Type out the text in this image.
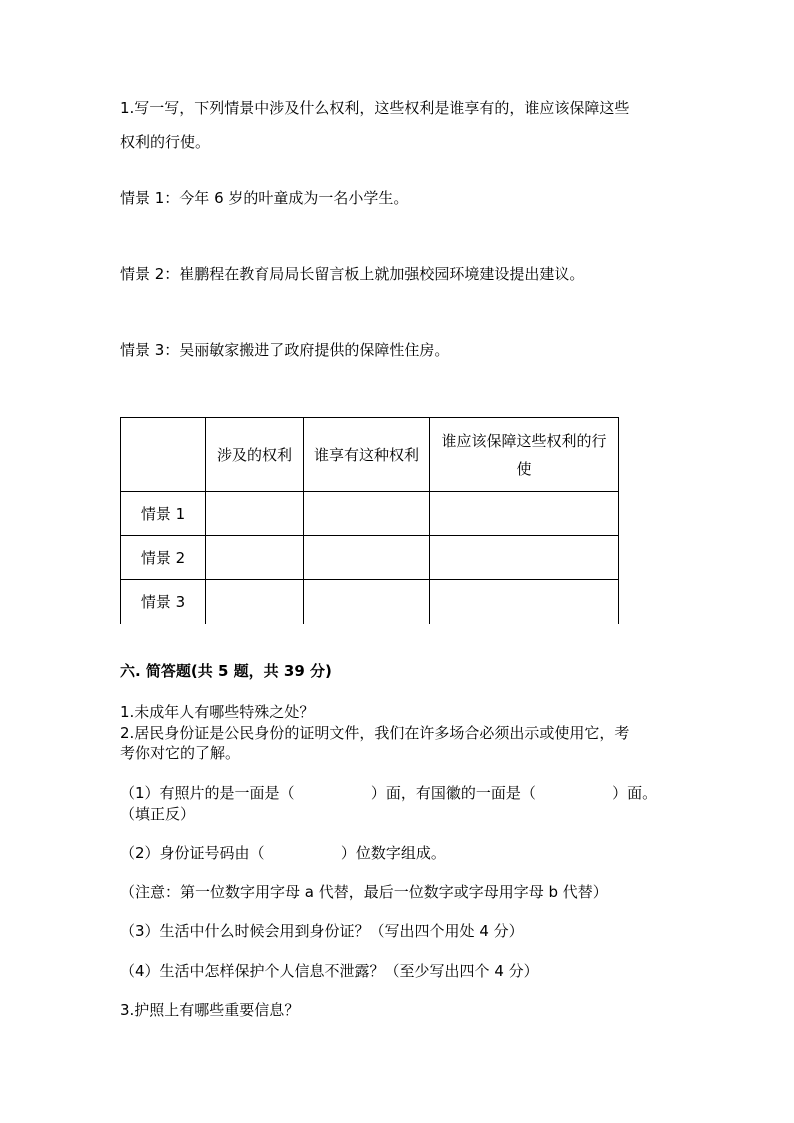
1.写一写，下列情景中涉及什么权利，这些权利是谁享有的，谁应该保障这些
权利的行使。
情景 1：今年 6 岁的叶童成为一名小学生。
情景 2：崔鹏程在教育局局长留言板上就加强校园环境建设提出建议。
情景 3：吴丽敏家搬进了政府提供的保障性住房。
	涉及的权利	谁享有这种权利	谁应该保障这些权利的行使

情景 1			
情景 2			
情景 3			
六. 简答题(共 5 题，共 39 分)
1.未成年人有哪些特殊之处？
2.居民身份证是公民身份的证明文件，我们在许多场合必须出示或使用它，考
考你对它的了解。
（1）有照片的是一面是（                ）面，有国徽的一面是（                ）面。
（填正反）
（2）身份证号码由（                ）位数字组成。
（注意：第一位数字用字母 a 代替，最后一位数字或字母用字母 b 代替）
（3）生活中什么时候会用到身份证？（写出四个用处 4 分）
（4）生活中怎样保护个人信息不泄露？（至少写出四个 4 分）
3.护照上有哪些重要信息？
